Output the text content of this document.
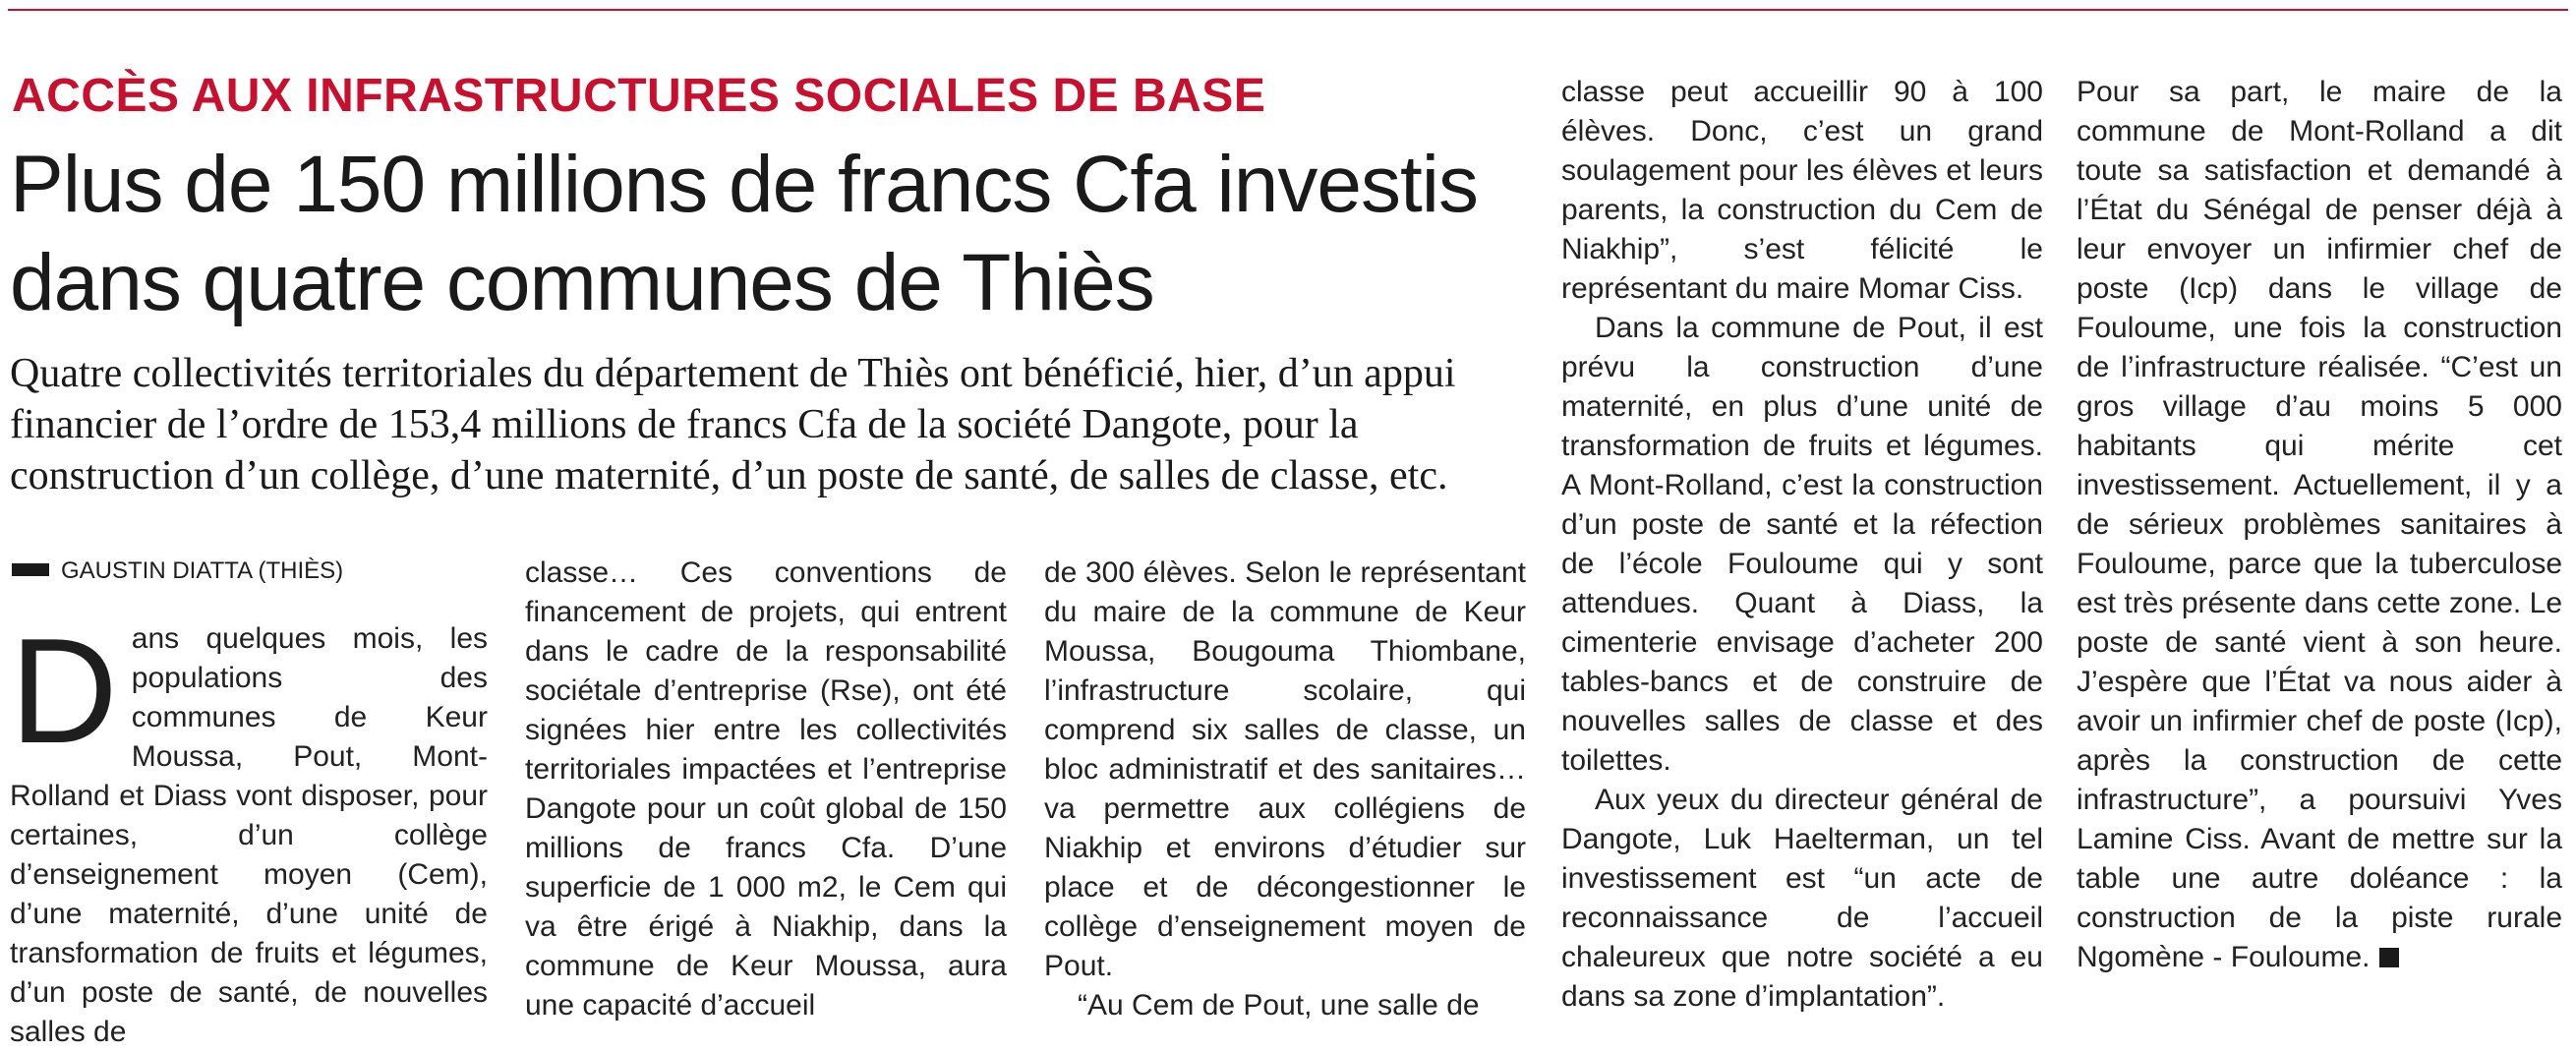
ACCÈS AUX INFRASTRUCTURES SOCIALES DE BASE
Plus de 150 millions de francs Cfa investis dans quatre communes de Thiès
Quatre collectivités territoriales du département de Thiès ont bénéficié, hier, d’un appui financier de l’ordre de 153,4 millions de francs Cfa de la société Dangote, pour la construction d’un collège, d’une maternité, d’un poste de santé, de salles de classe, etc.
GAUSTIN DIATTA (THIÈS)

Dans quelques mois, les populations des communes de Keur Moussa, Pout, Mont-Rolland et Diass vont disposer, pour certaines, d’un collège d’enseignement moyen (Cem), d’une maternité, d’une unité de transformation de fruits et légumes, d’un poste de santé, de nouvelles salles de

classe… Ces conventions de financement de projets, qui entrent dans le cadre de la responsabilité sociétale d’entreprise (Rse), ont été signées hier entre les collectivités territoriales impactées et l’entreprise Dangote pour un coût global de 150 millions de francs Cfa. D’une superficie de 1 000 m2, le Cem qui va être érigé à Niakhip, dans la commune de Keur Moussa, aura une capacité d’accueil

de 300 élèves. Selon le représentant du maire de la commune de Keur Moussa, Bougouma Thiombane, l’infrastructure scolaire, qui comprend six salles de classe, un bloc administratif et des sanitaires… va permettre aux collégiens de Niakhip et environs d’étudier sur place et de décongestionner le collège d’enseignement moyen de Pout.

“Au Cem de Pout, une salle de

classe peut accueillir 90 à 100 élèves. Donc, c’est un grand soulagement pour les élèves et leurs parents, la construction du Cem de Niakhip”, s’est félicité le représentant du maire Momar Ciss.

Dans la commune de Pout, il est prévu la construction d’une maternité, en plus d’une unité de transformation de fruits et légumes. A Mont-Rolland, c’est la construction d’un poste de santé et la réfection de l’école Fouloume qui y sont attendues. Quant à Diass, la cimenterie envisage d’acheter 200 tables-bancs et de construire de nouvelles salles de classe et des toilettes.

Aux yeux du directeur général de Dangote, Luk Haelterman, un tel investissement est “un acte de reconnaissance de l’accueil chaleureux que notre société a eu dans sa zone d’implantation”.

Pour sa part, le maire de la commune de Mont-Rolland a dit toute sa satisfaction et demandé à l’État du Sénégal de penser déjà à leur envoyer un infirmier chef de poste (Icp) dans le village de Fouloume, une fois la construction de l’infrastructure réalisée. “C’est un gros village d’au moins 5 000 habitants qui mérite cet investissement. Actuellement, il y a de sérieux problèmes sanitaires à Fouloume, parce que la tuberculose est très présente dans cette zone. Le poste de santé vient à son heure. J’espère que l’État va nous aider à avoir un infirmier chef de poste (Icp), après la construction de cette infrastructure”, a poursuivi Yves Lamine Ciss. Avant de mettre sur la table une autre doléance : la construction de la piste rurale Ngomène - Fouloume.
